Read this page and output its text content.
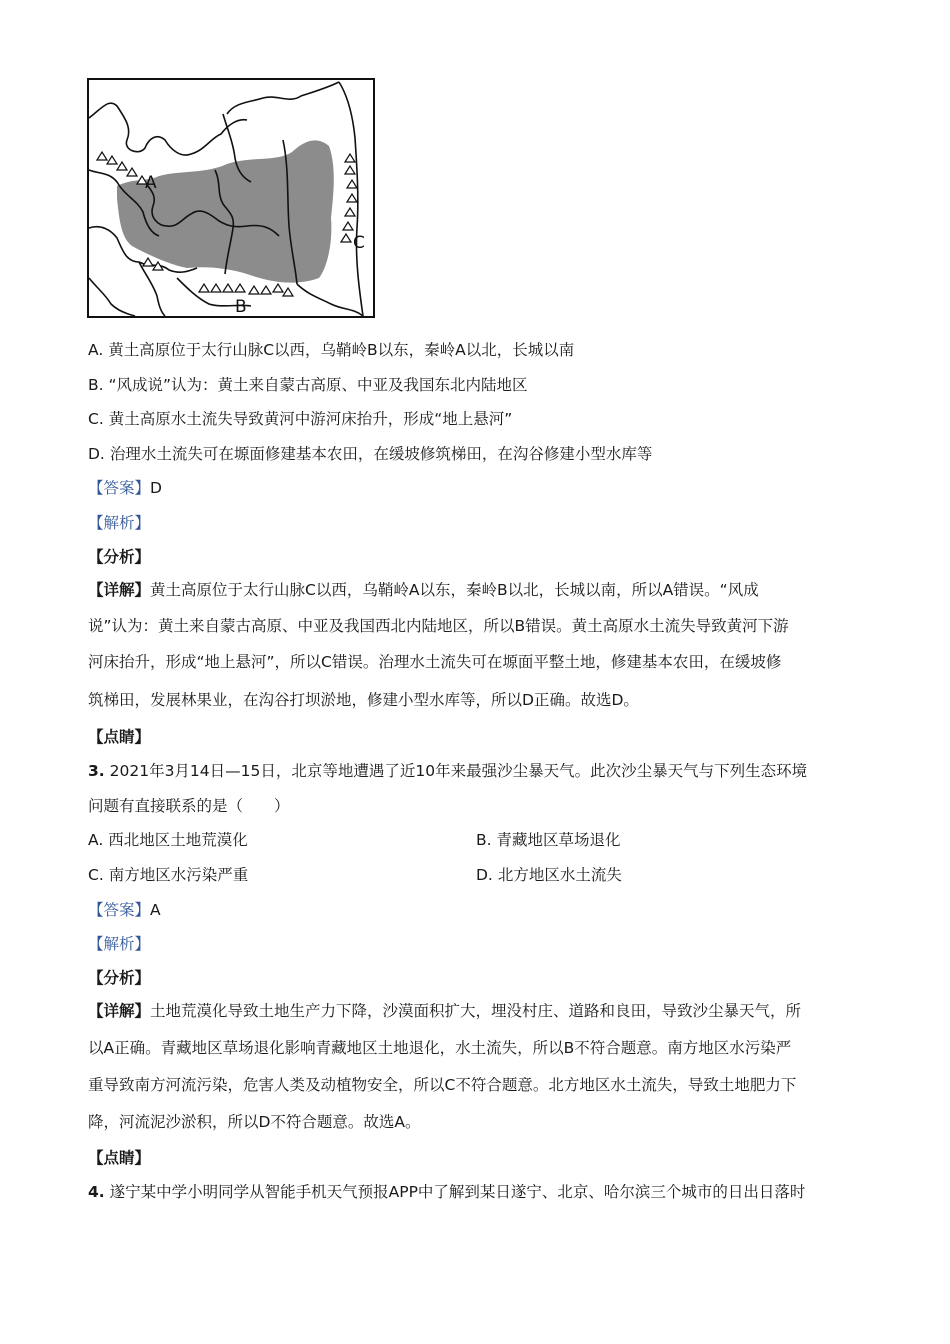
A
B
C
A. 黄土高原位于太行山脉C以西，乌鞘岭B以东，秦岭A以北，长城以南
B. “风成说”认为：黄土来自蒙古高原、中亚及我国东北内陆地区
C. 黄土高原水土流失导致黄河中游河床抬升，形成“地上悬河”
D. 治理水土流失可在塬面修建基本农田，在缓坡修筑梯田，在沟谷修建小型水库等
【答案】D
【解析】
【分析】
【详解】黄土高原位于太行山脉C以西，乌鞘岭A以东，秦岭B以北，长城以南，所以A错误。“风成
说”认为：黄土来自蒙古高原、中亚及我国西北内陆地区，所以B错误。黄土高原水土流失导致黄河下游
河床抬升，形成“地上悬河”，所以C错误。治理水土流失可在塬面平整土地，修建基本农田，在缓坡修
筑梯田，发展林果业，在沟谷打坝淤地，修建小型水库等，所以D正确。故选D。
【点睛】
3. 2021年3月14日—15日，北京等地遭遇了近10年来最强沙尘暴天气。此次沙尘暴天气与下列生态环境
问题有直接联系的是（　　）
A. 西北地区土地荒漠化	B. 青藏地区草场退化
C. 南方地区水污染严重	D. 北方地区水土流失
【答案】A
【解析】
【分析】
【详解】土地荒漠化导致土地生产力下降，沙漠面积扩大，埋没村庄、道路和良田，导致沙尘暴天气，所
以A正确。青藏地区草场退化影响青藏地区土地退化，水土流失，所以B不符合题意。南方地区水污染严
重导致南方河流污染，危害人类及动植物安全，所以C不符合题意。北方地区水土流失，导致土地肥力下
降，河流泥沙淤积，所以D不符合题意。故选A。
【点睛】
4. 遂宁某中学小明同学从智能手机天气预报APP中了解到某日遂宁、北京、哈尔滨三个城市的日出日落时
